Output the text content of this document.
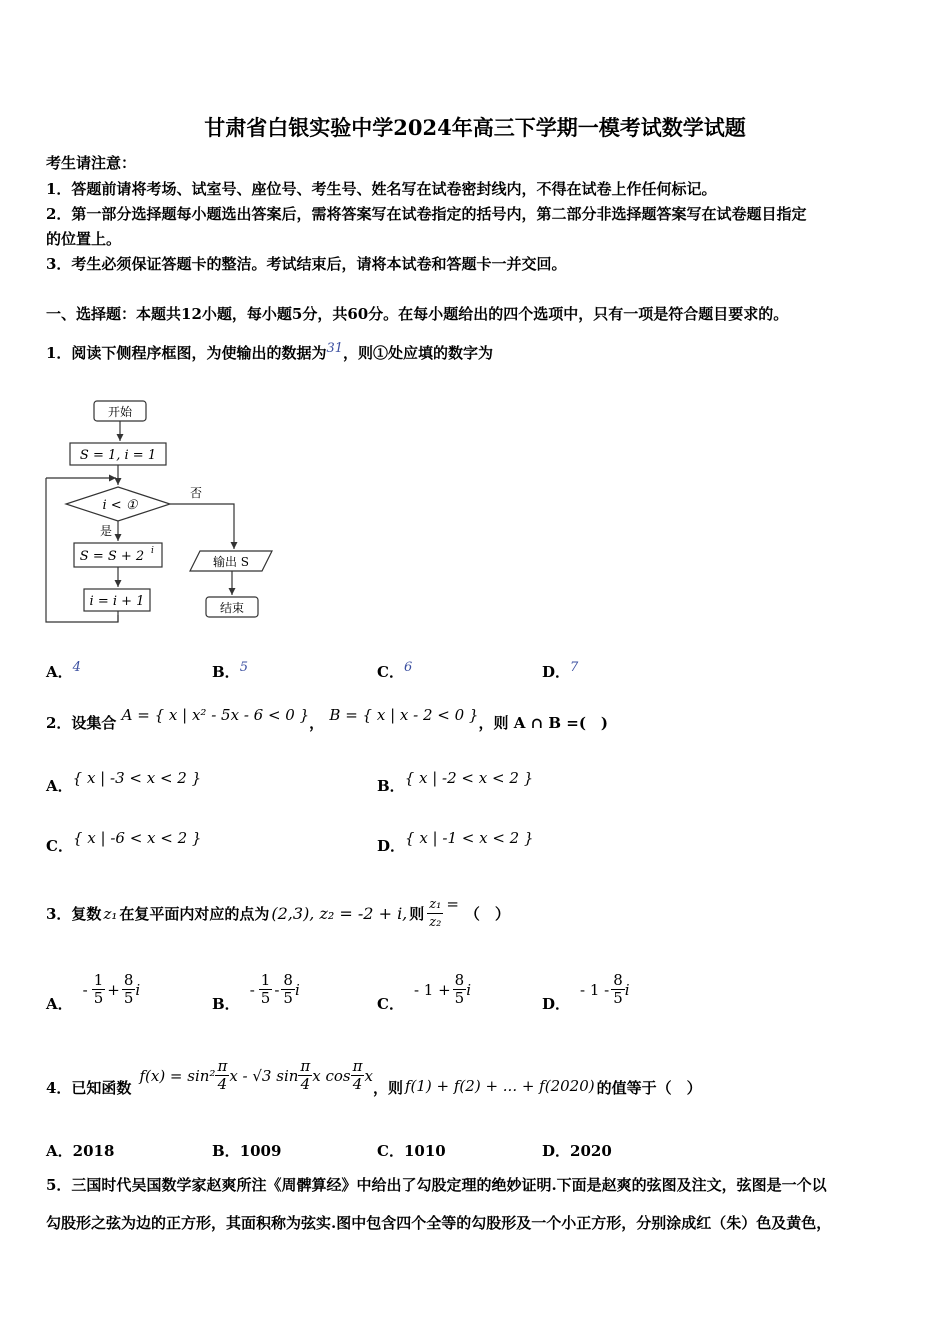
甘肃省白银实验中学2024年高三下学期一模考试数学试题
考生请注意：
1．答题前请将考场、试室号、座位号、考生号、姓名写在试卷密封线内，不得在试卷上作任何标记。
2．第一部分选择题每小题选出答案后，需将答案写在试卷指定的括号内，第二部分非选择题答案写在试卷题目指定
的位置上。
3．考生必须保证答题卡的整洁。考试结束后，请将本试卷和答题卡一并交回。
一、选择题：本题共12小题，每小题5分，共60分。在每小题给出的四个选项中，只有一项是符合题目要求的。
1．阅读下侧程序框图，为使输出的数据为$^{31}$，则①处应填的数字为
开始
S = 1, i = 1
i < ①
否
是
S = S + 2 i
i = i + 1
输出 S
结束
A．$^4$	B．$^5$	C．$^6$	D．$^7$
2．设集合 A = { x | x² - 5x - 6 < 0 }， B = { x | x - 2 < 0 }，则 A ∩ B =(　)
A．{ x | -3 < x < 2 }	B．{ x | -2 < x < 2 }
C．{ x | -6 < x < 2 }	D．{ x | -1 < x < 2 }
3．复数 z₁ 在复平面内对应的点为 (2,3), z₂ = -2 + i, 则 $\frac{\text{z₁}}{\text{z₂}}$ =
（　）
A．
- $\frac{1}{5} + \frac{8}{5}$ i
B．
- $\frac{1}{5} - \frac{8}{5}$ i
C．
- $1 + \frac{8}{5}$ i
D．
- $1 - \frac{8}{5}$ i
4．已知函数
$f(x) = \sin^2 \frac{\pi}{4}$ x - √3 $\sin \frac{\pi}{4}$ x $\cos \frac{\pi}{4}$ x
，则 f(1) + f(2) + ... + f(2020) 的值等于（　）
A．2018	B．1009	C．1010	D．2020
5．三国时代吴国数学家赵爽所注《周髀算经》中给出了勾股定理的绝妙证明.下面是赵爽的弦图及注文，弦图是一个以
勾股形之弦为边的正方形，其面积称为弦实.图中包含四个全等的勾股形及一个小正方形，分别涂成红（朱）色及黄色，
